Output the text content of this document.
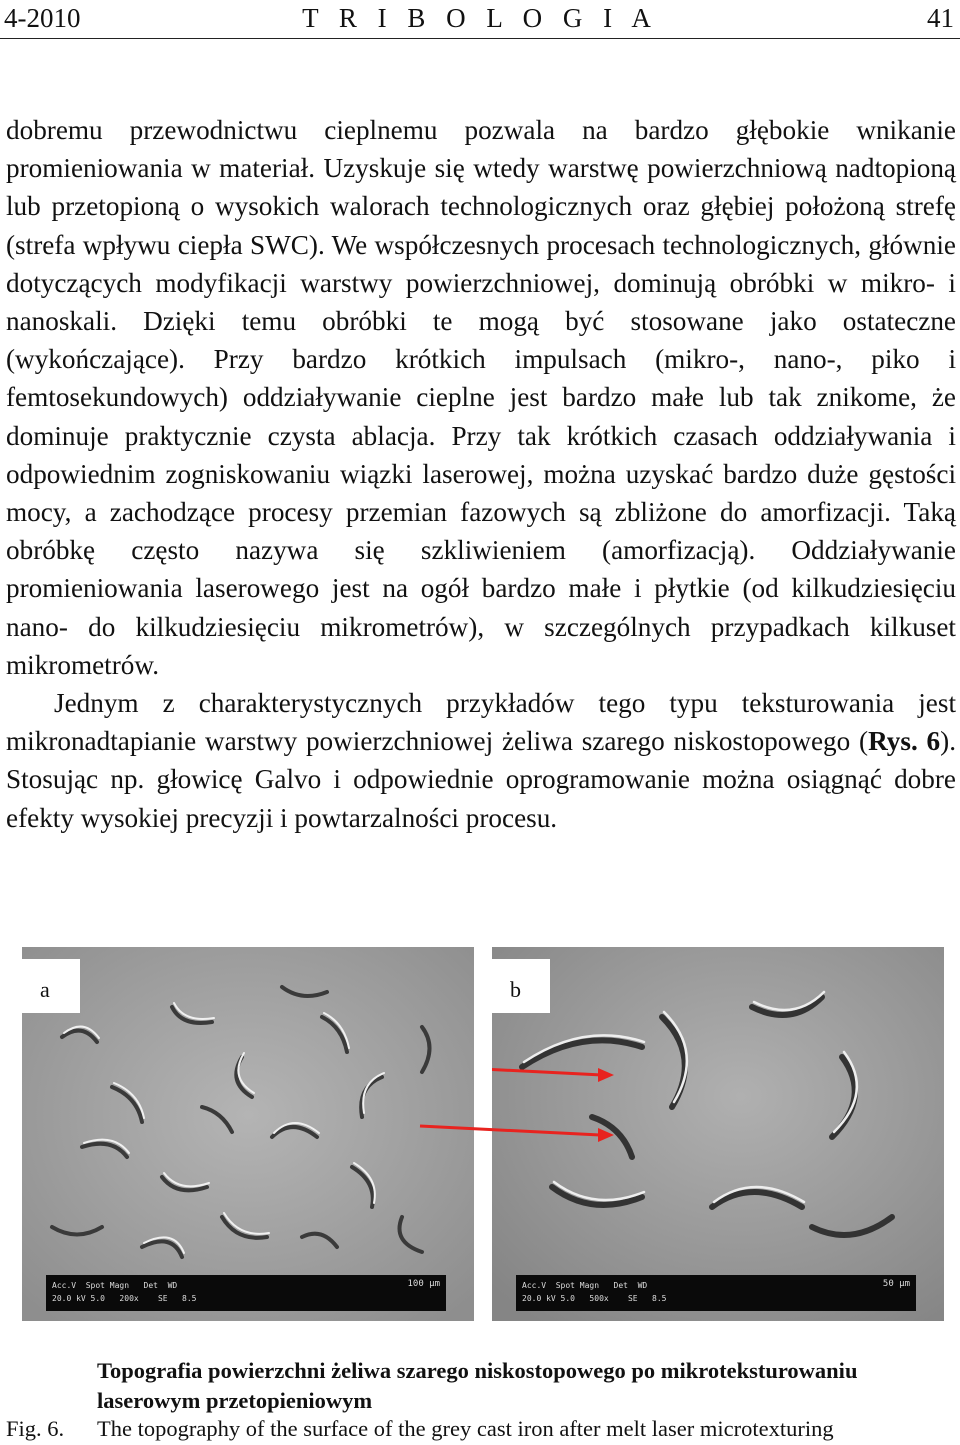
4-2010	T R I B O L O G I A	41

dobremu przewodnictwu cieplnemu pozwala na bardzo głębokie wnikanie promieniowania w materiał. Uzyskuje się wtedy warstwę powierzchniową nadtopioną lub przetopioną o wysokich walorach technologicznych oraz głębiej położoną strefę (strefa wpływu ciepła SWC). We współczesnych procesach technologicznych, głównie dotyczących modyfikacji warstwy powierzchniowej, dominują obróbki w mikro- i nanoskali. Dzięki temu obróbki te mogą być stosowane jako ostateczne (wykończające). Przy bardzo krótkich impulsach (mikro-, nano-, piko i femtosekundowych) oddziaływanie cieplne jest bardzo małe lub tak znikome, że dominuje praktycznie czysta ablacja. Przy tak krótkich czasach oddziaływania i odpowiednim zogniskowaniu wiązki laserowej, można uzyskać bardzo duże gęstości mocy, a zachodzące procesy przemian fazowych są zbliżone do amorfizacji. Taką obróbkę często nazywa się szkliwieniem (amorfizacją). Oddziaływanie promieniowania laserowego jest na ogół bardzo małe i płytkie (od kilkudziesięciu nano- do kilkudziesięciu mikrometrów), w szczególnych przypadkach kilkuset mikrometrów.

Jednym z charakterystycznych przykładów tego typu teksturowania jest mikronadtapianie warstwy powierzchniowej żeliwa szarego niskostopowego (Rys. 6). Stosując np. głowicę Galvo i odpowiednie oprogramowanie można osiągnąć dobre efekty wysokiej precyzji i powtarzalności procesu.

a
Acc.V  Spot Magn   Det  WD
20.0 kV 5.0   200x    SE   8.5
100 µm
b
Acc.V  Spot Magn   Det  WD
20.0 kV 5.0   500x    SE   8.5
50 µm
Topografia powierzchni żeliwa szarego niskostopowego po mikroteksturowaniu laserowym przetopieniowym
Fig. 6. The topography of the surface of the grey cast iron after melt laser microtexturing
